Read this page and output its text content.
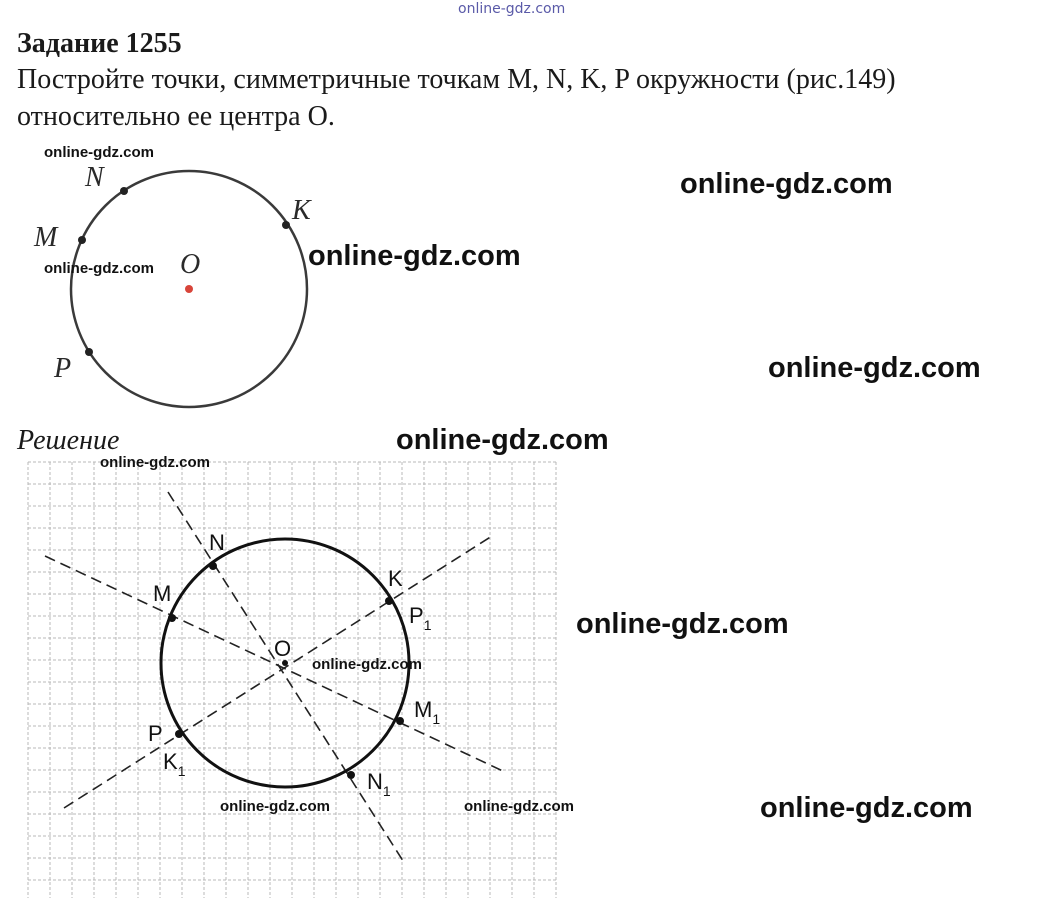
online-gdz.com
Задание 1255
Постройте точки, симметричные точкам M, N, K, P окружности (рис.149)
относительно ее центра O.
N
M
K
O
P
Решение
N
M
K
$P_1$
O
$M_1$
P
$K_1$	$N_1$
online-gdz.com
online-gdz.com
online-gdz.com
online-gdz.com
online-gdz.com
online-gdz.com
online-gdz.com
online-gdz.com
online-gdz.com
online-gdz.com	online-gdz.com	online-gdz.com
